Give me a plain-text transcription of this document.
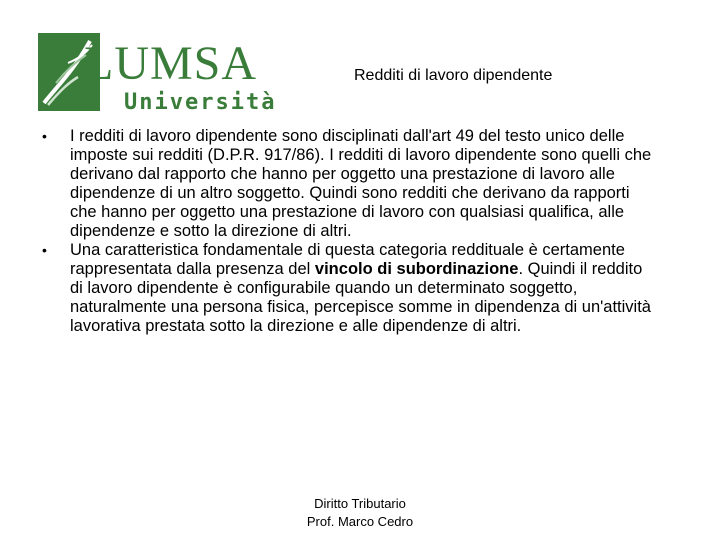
LUMSA
Università
Redditi di lavoro dipendente
• I redditi di lavoro dipendente sono disciplinati dall'art 49 del testo unico delle imposte sui redditi (D.P.R. 917/86). I redditi di lavoro dipendente sono quelli che derivano dal rapporto che hanno per oggetto una prestazione di lavoro alle dipendenze di un altro soggetto. Quindi sono redditi che derivano da rapporti che hanno per oggetto una prestazione di lavoro con qualsiasi qualifica, alle dipendenze e sotto la direzione di altri.
• Una caratteristica fondamentale di questa categoria reddituale è certamente rappresentata dalla presenza del vincolo di subordinazione. Quindi il reddito di lavoro dipendente è configurabile quando un determinato soggetto, naturalmente una persona fisica, percepisce somme in dipendenza di un'attività lavorativa prestata sotto la direzione e alle dipendenze di altri.
Diritto Tributario
Prof. Marco Cedro
